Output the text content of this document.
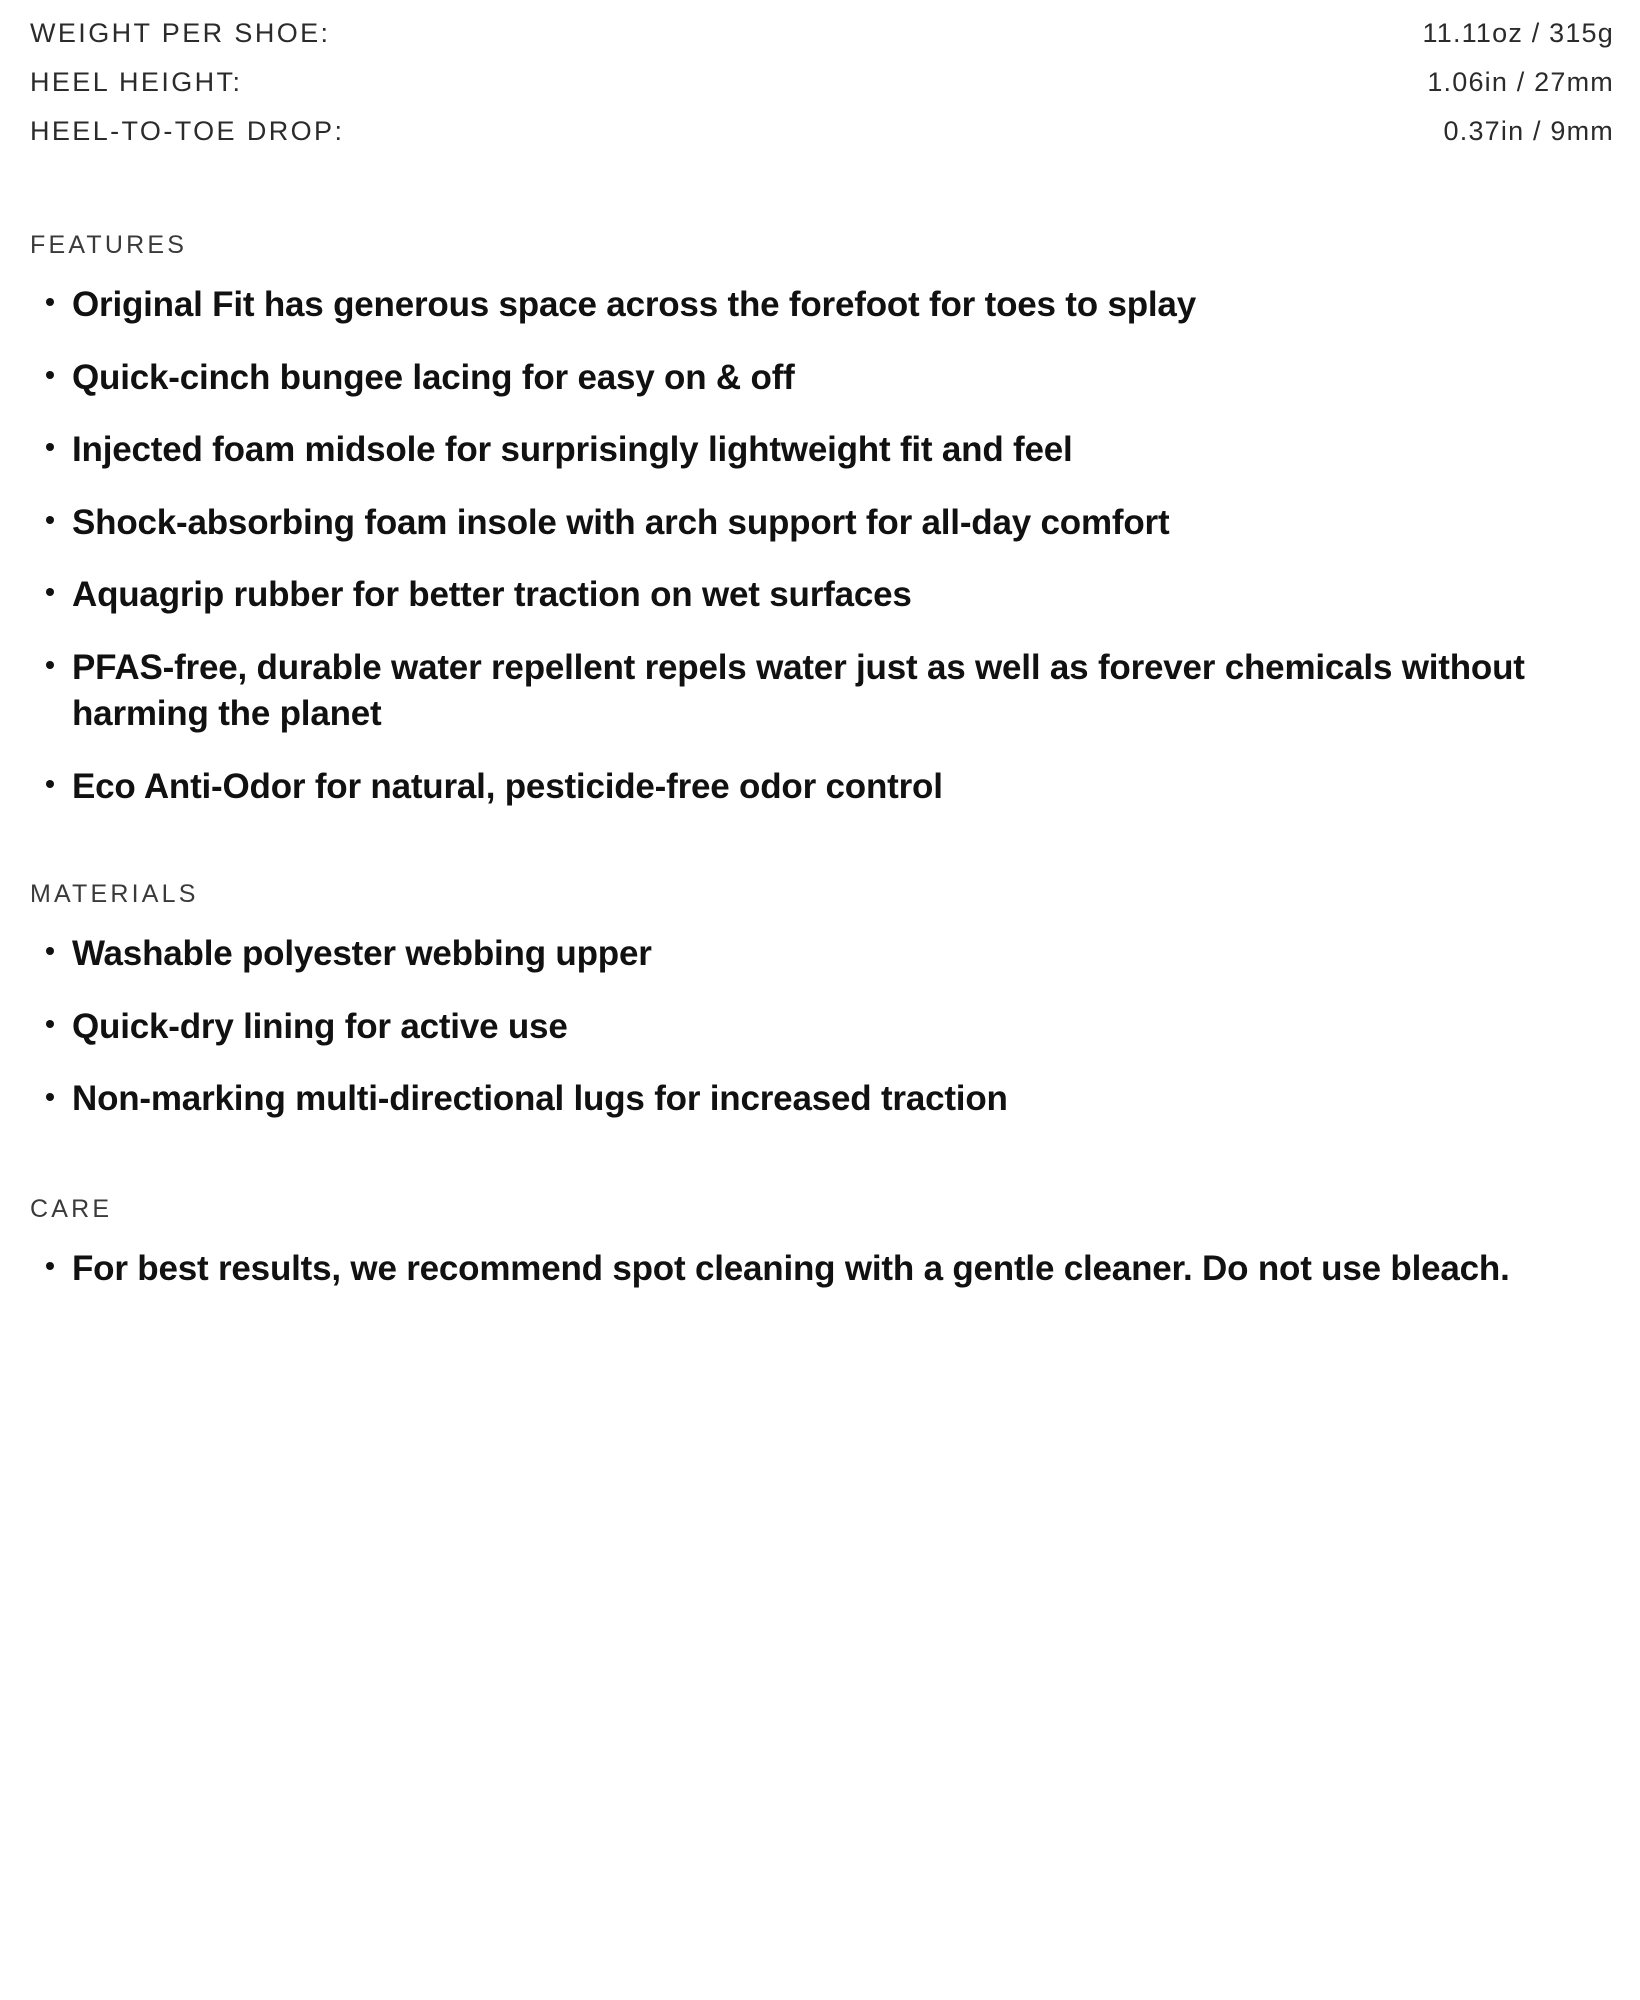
WEIGHT PER SHOE:	11.11oz / 315g
HEEL HEIGHT:	1.06in / 27mm
HEEL-TO-TOE DROP:	0.37in / 9mm
FEATURES
Original Fit has generous space across the forefoot for toes to splay
Quick-cinch bungee lacing for easy on & off
Injected foam midsole for surprisingly lightweight fit and feel
Shock-absorbing foam insole with arch support for all-day comfort
Aquagrip rubber for better traction on wet surfaces
PFAS-free, durable water repellent repels water just as well as forever chemicals without harming the planet
Eco Anti-Odor for natural, pesticide-free odor control
MATERIALS
Washable polyester webbing upper
Quick-dry lining for active use
Non-marking multi-directional lugs for increased traction
CARE
For best results, we recommend spot cleaning with a gentle cleaner. Do not use bleach.
